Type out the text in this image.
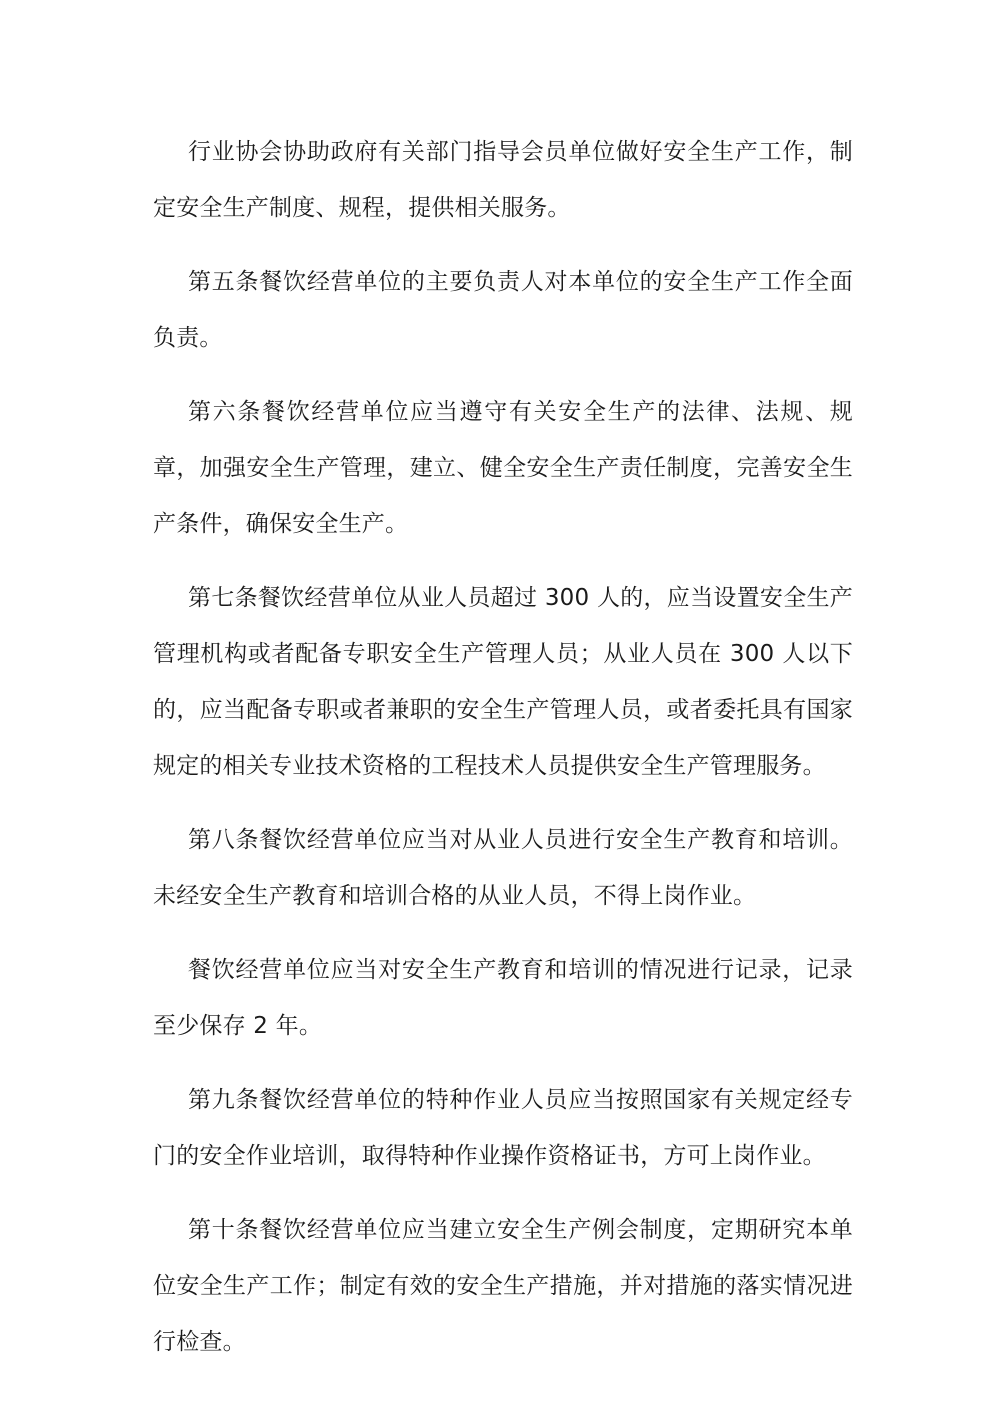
行业协会协助政府有关部门指导会员单位做好安全生产工作，制定安全生产制度、规程，提供相关服务。

第五条餐饮经营单位的主要负责人对本单位的安全生产工作全面负责。

第六条餐饮经营单位应当遵守有关安全生产的法律、法规、规章，加强安全生产管理，建立、健全安全生产责任制度，完善安全生产条件，确保安全生产。

第七条餐饮经营单位从业人员超过 300 人的，应当设置安全生产管理机构或者配备专职安全生产管理人员；从业人员在 300 人以下的，应当配备专职或者兼职的安全生产管理人员，或者委托具有国家规定的相关专业技术资格的工程技术人员提供安全生产管理服务。

第八条餐饮经营单位应当对从业人员进行安全生产教育和培训。未经安全生产教育和培训合格的从业人员，不得上岗作业。

餐饮经营单位应当对安全生产教育和培训的情况进行记录，记录至少保存 2 年。

第九条餐饮经营单位的特种作业人员应当按照国家有关规定经专门的安全作业培训，取得特种作业操作资格证书，方可上岗作业。

第十条餐饮经营单位应当建立安全生产例会制度，定期研究本单位安全生产工作；制定有效的安全生产措施，并对措施的落实情况进行检查。
